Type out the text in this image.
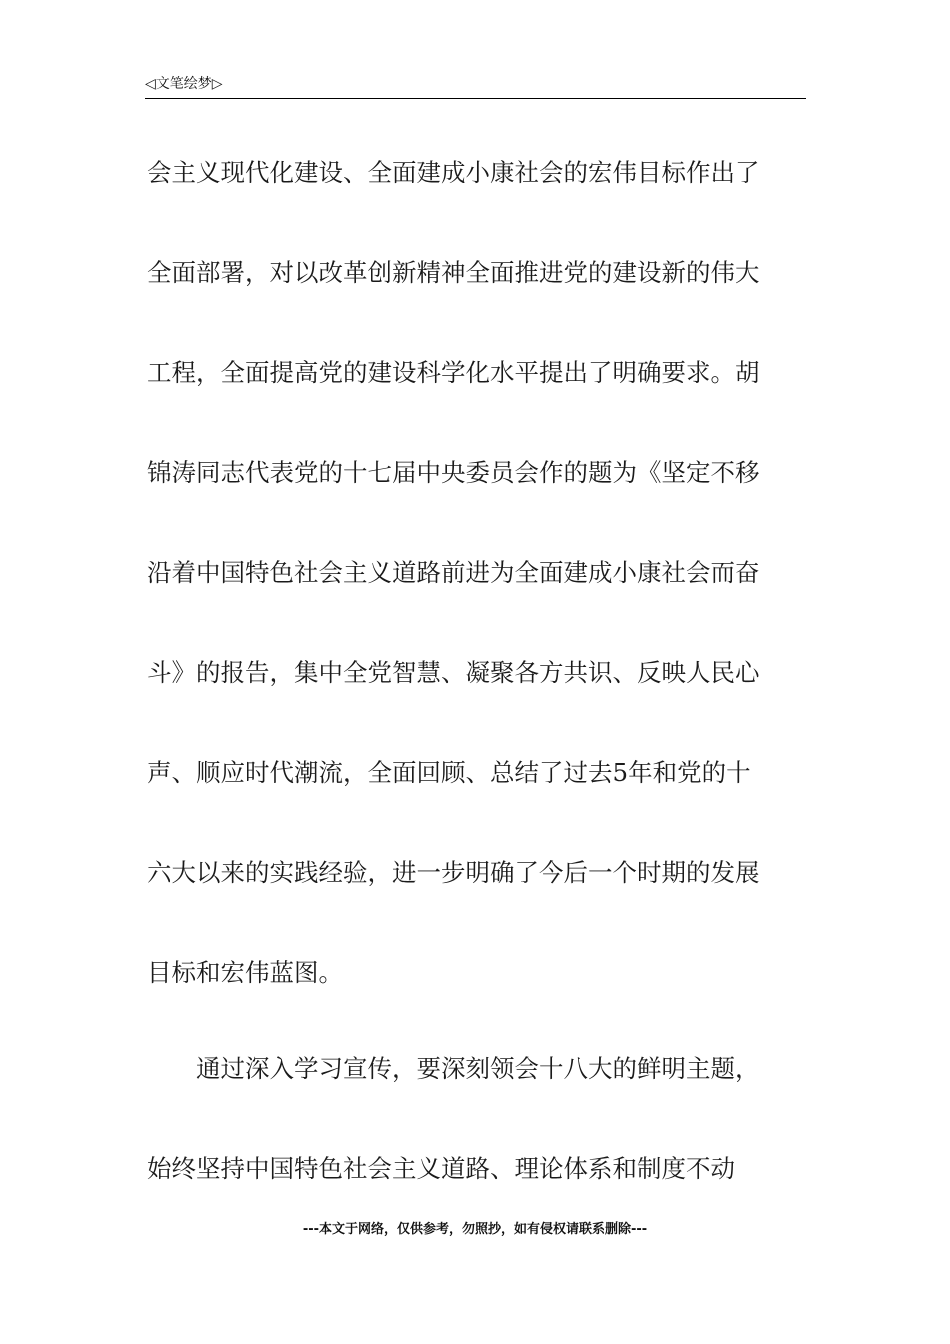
◁文笔绘梦▷
会主义现代化建设、全面建成小康社会的宏伟目标作出了
全面部署，对以改革创新精神全面推进党的建设新的伟大
工程，全面提高党的建设科学化水平提出了明确要求。胡
锦涛同志代表党的十七届中央委员会作的题为《坚定不移
沿着中国特色社会主义道路前进为全面建成小康社会而奋
斗》的报告，集中全党智慧、凝聚各方共识、反映人民心
声、顺应时代潮流，全面回顾、总结了过去5年和党的十
六大以来的实践经验，进一步明确了今后一个时期的发展
目标和宏伟蓝图。
通过深入学习宣传，要深刻领会十八大的鲜明主题，
始终坚持中国特色社会主义道路、理论体系和制度不动
---本文于网络，仅供参考，勿照抄，如有侵权请联系删除---
